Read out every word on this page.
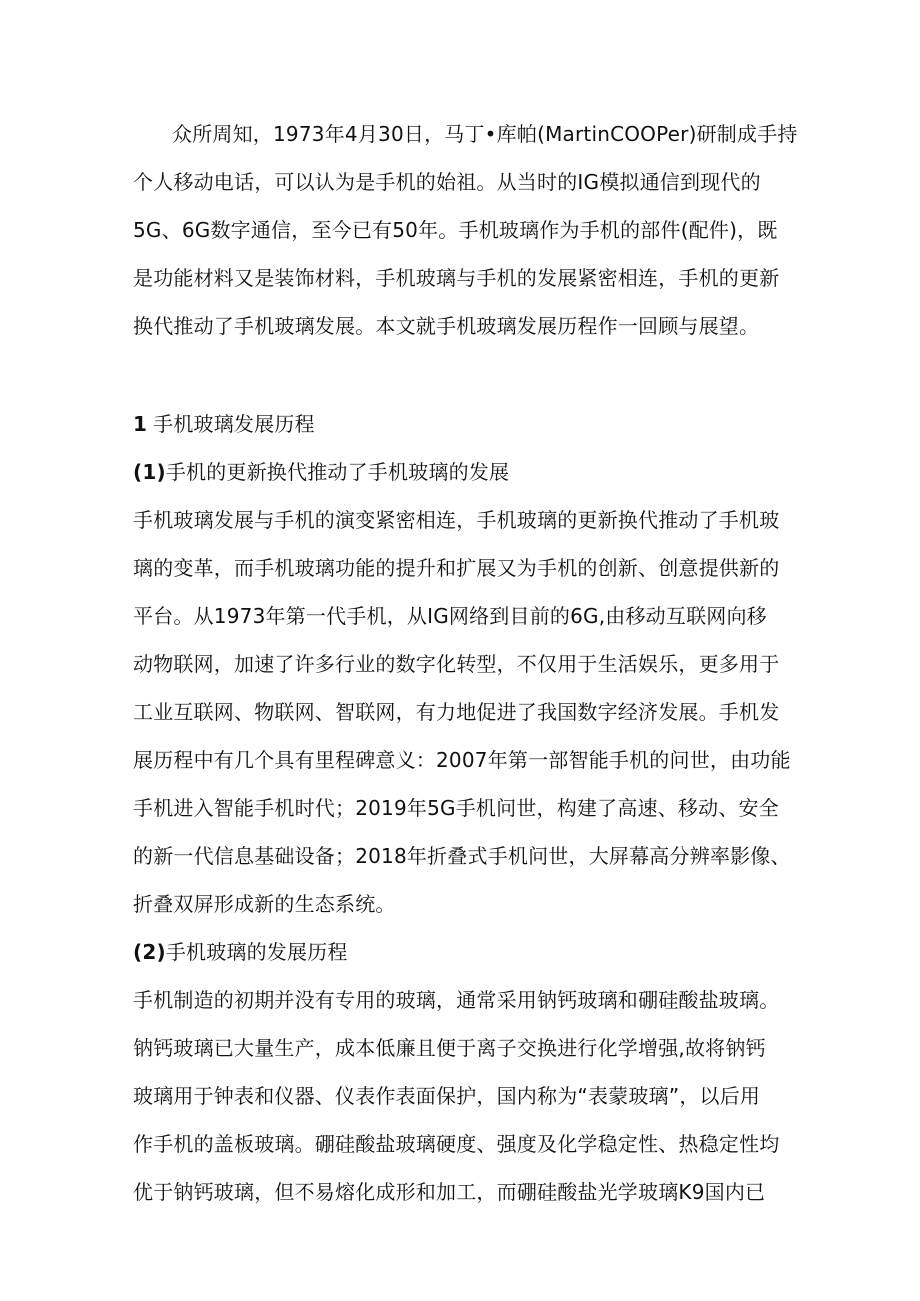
众所周知，1973年4月30日，马丁•库帕(MartinCOOPer)研制成手持
个人移动电话，可以认为是手机的始祖。从当时的IG模拟通信到现代的
5G、6G数字通信，至今已有50年。手机玻璃作为手机的部件(配件)，既
是功能材料又是装饰材料，手机玻璃与手机的发展紧密相连，手机的更新
换代推动了手机玻璃发展。本文就手机玻璃发展历程作一回顾与展望。
1 手机玻璃发展历程
(1)手机的更新换代推动了手机玻璃的发展
手机玻璃发展与手机的演变紧密相连，手机玻璃的更新换代推动了手机玻
璃的变革，而手机玻璃功能的提升和扩展又为手机的创新、创意提供新的
平台。从1973年第一代手机，从IG网络到目前的6G,由移动互联网向移
动物联网，加速了许多行业的数字化转型，不仅用于生活娱乐，更多用于
工业互联网、物联网、智联网，有力地促进了我国数字经济发展。手机发
展历程中有几个具有里程碑意义：2007年第一部智能手机的问世，由功能
手机进入智能手机时代；2019年5G手机问世，构建了高速、移动、安全
的新一代信息基础设备；2018年折叠式手机问世，大屏幕高分辨率影像、
折叠双屏形成新的生态系统。
(2)手机玻璃的发展历程
手机制造的初期并没有专用的玻璃，通常采用钠钙玻璃和硼硅酸盐玻璃。
钠钙玻璃已大量生产，成本低廉且便于离子交换进行化学增强,故将钠钙
玻璃用于钟表和仪器、仪表作表面保护，国内称为“表蒙玻璃”，以后用
作手机的盖板玻璃。硼硅酸盐玻璃硬度、强度及化学稳定性、热稳定性均
优于钠钙玻璃，但不易熔化成形和加工，而硼硅酸盐光学玻璃K9国内已
